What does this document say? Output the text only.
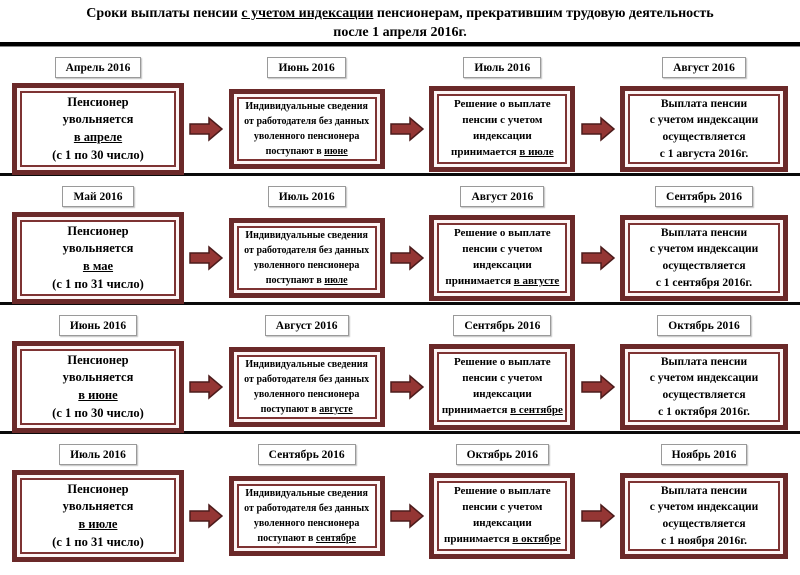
Сроки выплаты пенсии с учетом индексации пенсионерам, прекратившим трудовую деятельность
после 1 апреля 2016г.
Апрель 2016	Июнь 2016	Июль 2016	Август 2016
Пенсионер
увольняется
в апреле
(с 1 по 30 число)
Индивидуальные сведения
от работодателя без данных
уволенного пенсионера
поступают в июне
Решение о выплате
пенсии с учетом
индексации
принимается в июле
Выплата пенсии
с учетом индексации
осуществляется
с 1 августа 2016г.
Май 2016	Июль 2016	Август 2016	Сентябрь 2016
Пенсионер
увольняется
в мае
(с 1 по 31 число)
Индивидуальные сведения
от работодателя без данных
уволенного пенсионера
поступают в июле
Решение о выплате
пенсии с учетом
индексации
принимается в августе
Выплата пенсии
с учетом индексации
осуществляется
с 1 сентября 2016г.
Июнь 2016	Август 2016	Сентябрь 2016	Октябрь 2016
Пенсионер
увольняется
в июне
(с 1 по 30 число)
Индивидуальные сведения
от работодателя без данных
уволенного пенсионера
поступают в августе
Решение о выплате
пенсии с учетом
индексации
принимается в сентябре
Выплата пенсии
с учетом индексации
осуществляется
с 1 октября 2016г.
Июль 2016	Сентябрь 2016	Октябрь 2016	Ноябрь 2016
Пенсионер
увольняется
в июле
(с 1 по 31 число)
Индивидуальные сведения
от работодателя без данных
уволенного пенсионера
поступают в сентябре
Решение о выплате
пенсии с учетом
индексации
принимается в октябре
Выплата пенсии
с учетом индексации
осуществляется
с 1 ноября 2016г.
